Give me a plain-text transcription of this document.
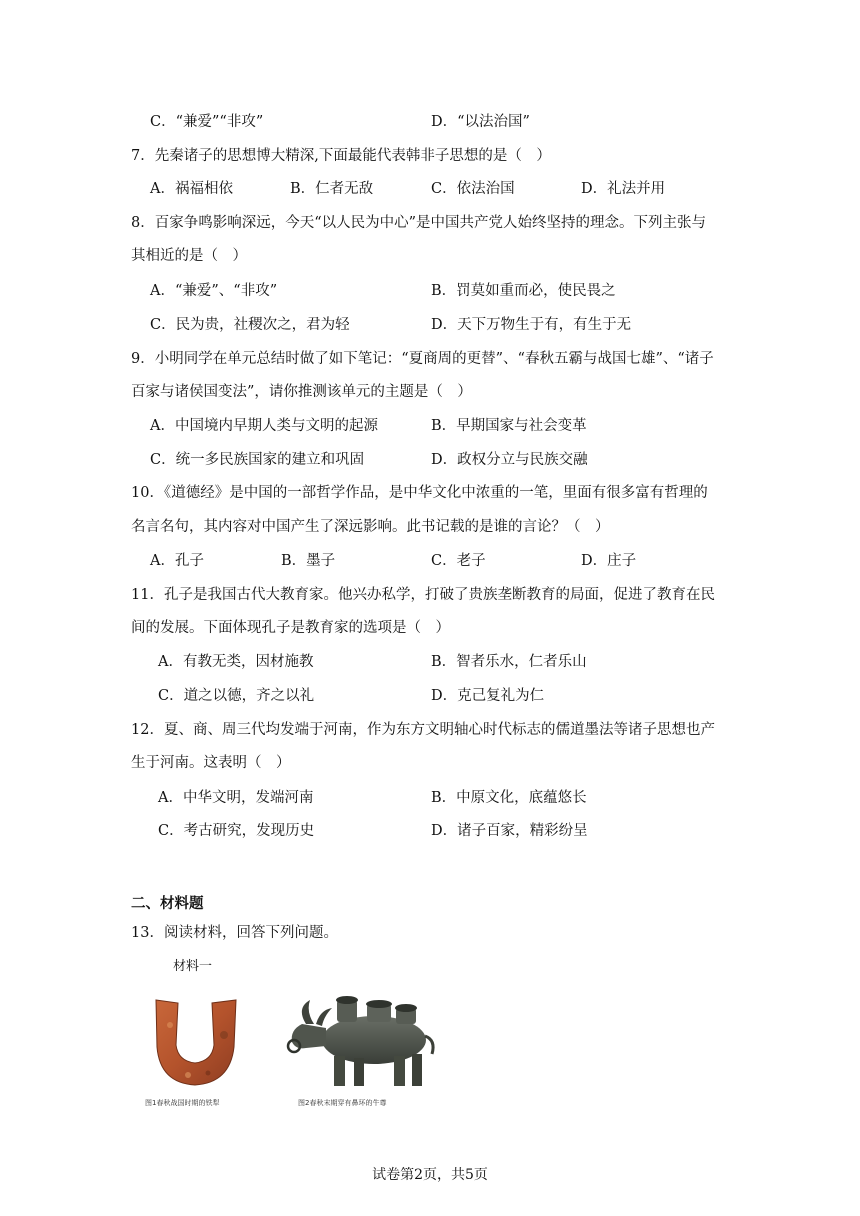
C．“兼爱”“非攻”	D．“以法治国”
7．先秦诸子的思想博大精深,下面最能代表韩非子思想的是（　）
A．祸福相依	B．仁者无敌	C．依法治国	D．礼法并用
8．百家争鸣影响深远，今天“以人民为中心”是中国共产党人始终坚持的理念。下列主张与
其相近的是（　）
A．“兼爱”、“非攻”	B．罚莫如重而必，使民畏之
C．民为贵，社稷次之，君为轻	D．天下万物生于有，有生于无
9．小明同学在单元总结时做了如下笔记：“夏商周的更替”、“春秋五霸与战国七雄”、“诸子
百家与诸侯国变法”，请你推测该单元的主题是（　）
A．中国境内早期人类与文明的起源	B．早期国家与社会变革
C．统一多民族国家的建立和巩固	D．政权分立与民族交融
10．《道德经》是中国的一部哲学作品，是中华文化中浓重的一笔，里面有很多富有哲理的
名言名句，其内容对中国产生了深远影响。此书记载的是谁的言论？（　）
A．孔子	B．墨子	C．老子	D．庄子
11．孔子是我国古代大教育家。他兴办私学，打破了贵族垄断教育的局面，促进了教育在民
间的发展。下面体现孔子是教育家的选项是（　）
A．有教无类，因材施教	B．智者乐水，仁者乐山
C．道之以德，齐之以礼	D．克己复礼为仁
12．夏、商、周三代均发端于河南，作为东方文明轴心时代标志的儒道墨法等诸子思想也产
生于河南。这表明（　）
A．中华文明，发端河南	B．中原文化，底蕴悠长
C．考古研究，发现历史	D．诸子百家，精彩纷呈
二、材料题
13．阅读材料，回答下列问题。
材料一
图1春秋战国时期的铁犁	图2春秋末期穿有鼻环的牛尊
试卷第2页，共5页
